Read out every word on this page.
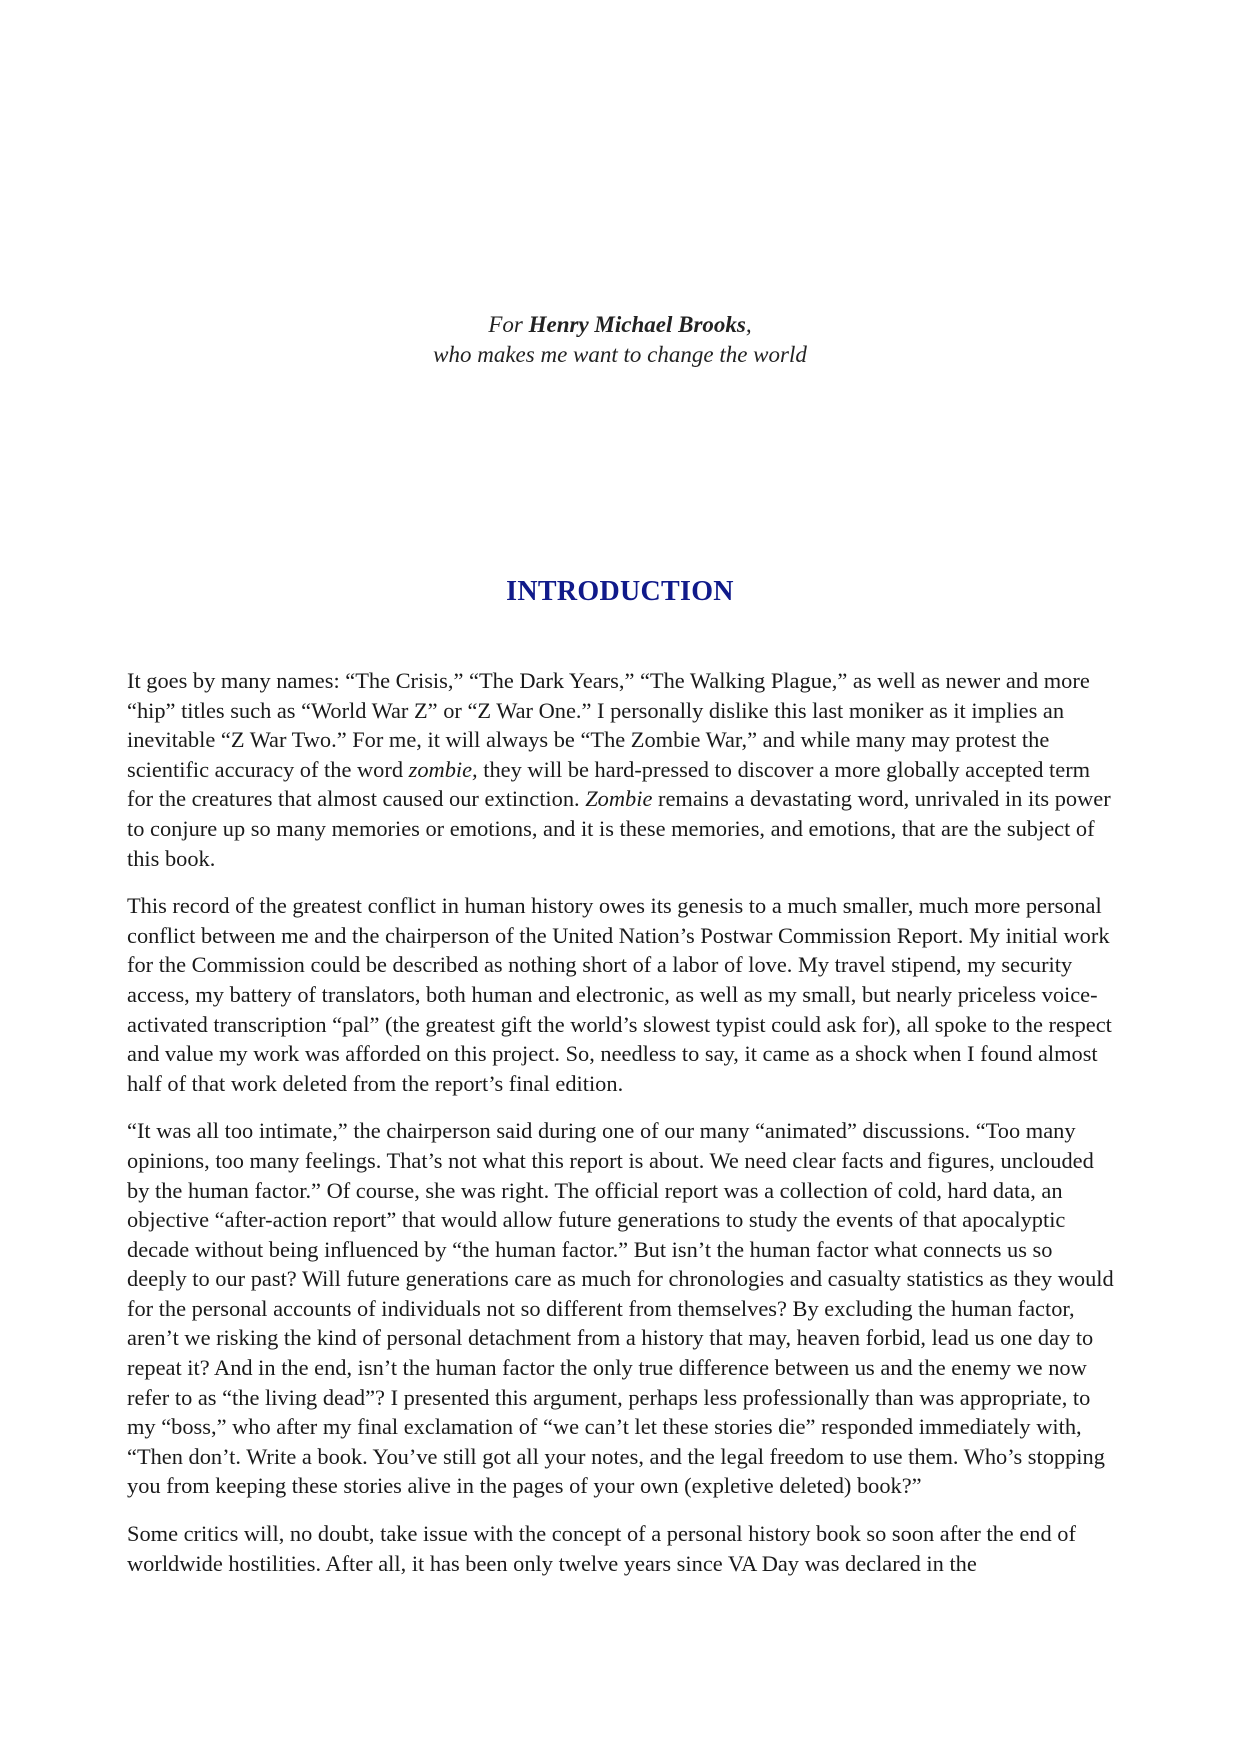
For Henry Michael Brooks,
who makes me want to change the world
INTRODUCTION

It goes by many names: “The Crisis,” “The Dark Years,” “The Walking Plague,” as well as newer and more “hip” titles such as “World War Z” or “Z War One.” I personally dislike this last moniker as it implies an inevitable “Z War Two.” For me, it will always be “The Zombie War,” and while many may protest the scientific accuracy of the word zombie, they will be hard-pressed to discover a more globally accepted term for the creatures that almost caused our extinction. Zombie remains a devastating word, unrivaled in its power to conjure up so many memories or emotions, and it is these memories, and emotions, that are the subject of this book.

This record of the greatest conflict in human history owes its genesis to a much smaller, much more personal conflict between me and the chairperson of the United Nation’s Postwar Commission Report. My initial work for the Commission could be described as nothing short of a labor of love. My travel stipend, my security access, my battery of translators, both human and electronic, as well as my small, but nearly priceless voice-activated transcription “pal” (the greatest gift the world’s slowest typist could ask for), all spoke to the respect and value my work was afforded on this project. So, needless to say, it came as a shock when I found almost half of that work deleted from the report’s final edition.

“It was all too intimate,” the chairperson said during one of our many “animated” discussions. “Too many opinions, too many feelings. That’s not what this report is about. We need clear facts and figures, unclouded by the human factor.” Of course, she was right. The official report was a collection of cold, hard data, an objective “after-action report” that would allow future generations to study the events of that apocalyptic decade without being influenced by “the human factor.” But isn’t the human factor what connects us so deeply to our past? Will future generations care as much for chronologies and casualty statistics as they would for the personal accounts of individuals not so different from themselves? By excluding the human factor, aren’t we risking the kind of personal detachment from a history that may, heaven forbid, lead us one day to repeat it? And in the end, isn’t the human factor the only true difference between us and the enemy we now refer to as “the living dead”? I presented this argument, perhaps less professionally than was appropriate, to my “boss,” who after my final exclamation of “we can’t let these stories die” responded immediately with, “Then don’t. Write a book. You’ve still got all your notes, and the legal freedom to use them. Who’s stopping you from keeping these stories alive in the pages of your own (expletive deleted) book?”

Some critics will, no doubt, take issue with the concept of a personal history book so soon after the end of worldwide hostilities. After all, it has been only twelve years since VA Day was declared in the
